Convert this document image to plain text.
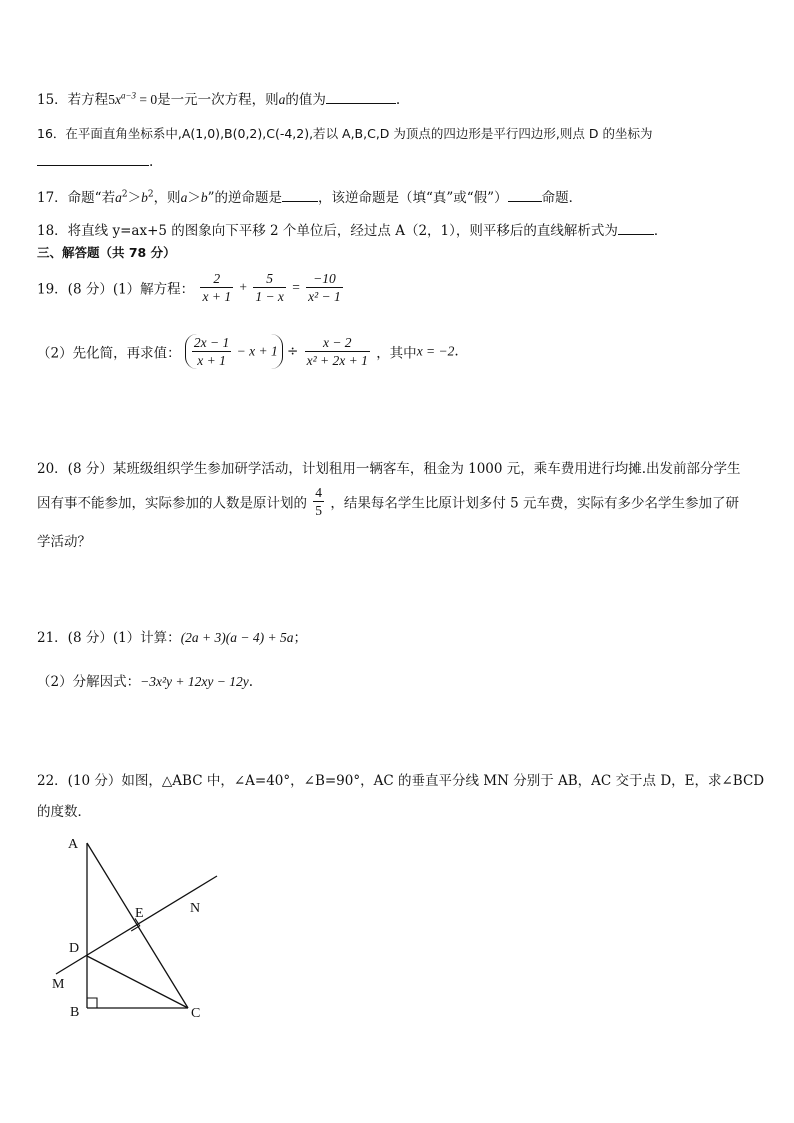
15．若方程$5x^{a-3} = 0$是一元一次方程，则a的值为	.
16．在平面直角坐标系中,A(1,0),B(0,2),C(-4,2),若以 A,B,C,D 为顶点的四边形是平行四边形,则点 D 的坐标为
.
17．命题“若$a^2>b^2$，则a＞b”的逆命题是	，该逆命题是（填“真”或“假”）	命题．
18．将直线 y=ax+5 的图象向下平移 2 个单位后，经过点 A（2，1），则平移后的直线解析式为	．
三、解答题（共 78 分）
19．(8 分）(1）解方程： $\frac{2}{x + 1} + \frac{5}{1 - x} = \frac{-10}{\text{x² − 1}}$
（2）先化简，再求值： $\frac{2x - 1}{x + 1} - x + 1 \div \frac{x - 2}{\text{x² + 2x + 1}}$ ，其中x = −2.
20．(8 分）某班级组织学生参加研学活动，计划租用一辆客车，租金为 1000 元，乘车费用进行均摊.出发前部分学生
因有事不能参加，实际参加的人数是原计划的 $\frac{4}{5}$ ，结果每名学生比原计划多付 5 元车费，实际有多少名学生参加了研
学活动？
21．(8 分）(1）计算：(2a + 3)(a − 4) + 5a；
（2）分解因式：−3x²y + 12xy − 12y.
22．(10 分）如图，△ABC 中，∠A=40°，∠B=90°，AC 的垂直平分线 MN 分别于 AB，AC 交于点 D，E，求∠BCD
的度数．
A
B	C
D
E
M
N
